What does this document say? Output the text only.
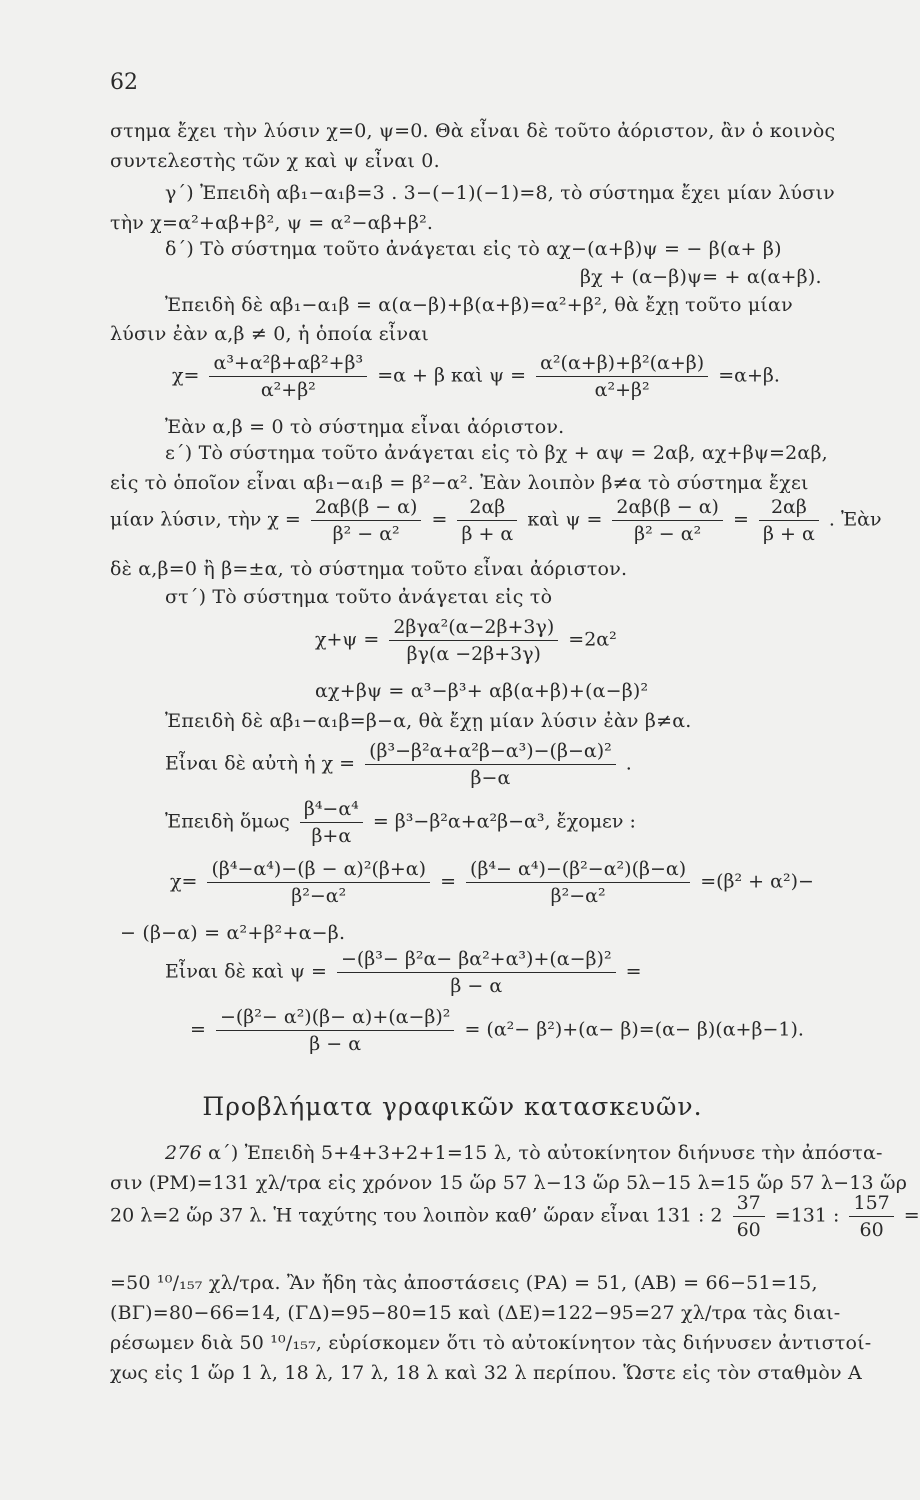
62
στημα ἔχει τὴν λύσιν χ=0, ψ=0. Θὰ εἶναι δὲ τοῦτο ἀόριστον, ἂν ὁ κοινὸς
συντελεστὴς τῶν χ καὶ ψ εἶναι 0.
γ΄) Ἐπειδὴ αβ₁−α₁β=3 . 3−(−1)(−1)=8, τὸ σύστημα ἔχει μίαν λύσιν
τὴν χ=α²+αβ+β², ψ = α²−αβ+β².
δ΄) Τὸ σύστημα τοῦτο ἀνάγεται εἰς τὸ αχ−(α+β)ψ = − β(α+ β)
βχ + (α−β)ψ= + α(α+β).
Ἐπειδὴ δὲ αβ₁−α₁β = α(α−β)+β(α+β)=α²+β², θὰ ἔχῃ τοῦτο μίαν
λύσιν ἐὰν α,β ≠ 0, ἡ ὁποία εἶναι
$\chi= \frac{\text{α³+α²β+αβ²+β³}}{\text{α²+β²}} =\alpha + \beta$ καὶ $\psi = \frac{\text{α²(α+β)+β²(α+β)}}{\text{α²+β²}} =\alpha+\beta$.
Ἐὰν α,β = 0 τὸ σύστημα εἶναι ἀόριστον.
ε΄) Τὸ σύστημα τοῦτο ἀνάγεται εἰς τὸ βχ + αψ = 2αβ, αχ+βψ=2αβ,
εἰς τὸ ὁποῖον εἶναι αβ₁−α₁β = β²−α². Ἐὰν λοιπὸν β≠α τὸ σύστημα ἔχει
μίαν λύσιν, τὴν $\chi = \frac{2\alpha\beta(\beta - \alpha)}{\text{β² − α²}} = \frac{2\alpha\beta}{\beta + \alpha}$ καὶ $\psi = \frac{2\alpha\beta(\beta - \alpha)}{\text{β² − α²}} = \frac{2\alpha\beta}{\beta + \alpha}$ . Ἐὰν
δὲ α,β=0 ἢ β=±α, τὸ σύστημα τοῦτο εἶναι ἀόριστον.
στ΄) Τὸ σύστημα τοῦτο ἀνάγεται εἰς τὸ
$\chi+\psi = \frac{\text{2βγα²(α−2β+3γ)}}{\beta\gamma(\alpha -2\beta+3\gamma)} =2\alpha^2$
αχ+βψ = α³−β³+ αβ(α+β)+(α−β)²
Ἐπειδὴ δὲ αβ₁−α₁β=β−α, θὰ ἔχῃ μίαν λύσιν ἐὰν β≠α.
Εἶναι δὲ αὐτὴ ἡ $\chi = \frac{\text{(β³−β²α+α²β−α³)−(β−α)²}}{\beta-\alpha}$ .
Ἐπειδὴ ὅμως $\frac{\text{β⁴−α⁴}}{\beta+\alpha} = \beta^3-\beta^2\alpha+\alpha^2\beta-\alpha^3$, ἔχομεν :
$\chi= \frac{\text{(β⁴−α⁴)−(β − α)²(β+α)}}{\text{β²−α²}} = \frac{\text{(β⁴− α⁴)−(β²−α²)(β−α)}}{\text{β²−α²}} =(\beta^2 + \alpha^2)-$
− (β−α) = α²+β²+α−β.
Εἶναι δὲ καὶ $\psi = \frac{\text{−(β³− β²α− βα²+α³)+(α−β)²}}{\beta - \alpha}$ =
= $\frac{\text{−(β²− α²)(β− α)+(α−β)²}}{\beta - \alpha} = (\alpha^2- \beta^2)+(\alpha- \beta)=(\alpha- \beta)(\alpha+\beta-1)$.
Προβλήματα γραφικῶν κατασκευῶν.
276 α΄) Ἐπειδὴ 5+4+3+2+1=15 λ, τὸ αὐτοκίνητον διήνυσε τὴν ἀπόστα-
σιν (ΡΜ)=131 χλ/τρα εἰς χρόνον 15 ὥρ 57 λ−13 ὥρ 5λ−15 λ=15 ὥρ 57 λ−13 ὥρ
20 λ=2 ὥρ 37 λ. Ἡ ταχύτης του λοιπὸν καθ’ ὥραν εἶναι 131 : $2 \frac{37}{60} =131$ : $\frac{157}{60}$ =
=50 ¹⁰/₁₅₇ χλ/τρα. Ἂν ἤδη τὰς ἀποστάσεις (ΡΑ) = 51, (ΑΒ) = 66−51=15,
(ΒΓ)=80−66=14, (ΓΔ)=95−80=15 καὶ (ΔΕ)=122−95=27 χλ/τρα τὰς διαι-
ρέσωμεν διὰ 50 ¹⁰/₁₅₇, εὑρίσκομεν ὅτι τὸ αὐτοκίνητον τὰς διήνυσεν ἀντιστοί-
χως εἰς 1 ὥρ 1 λ, 18 λ, 17 λ, 18 λ καὶ 32 λ περίπου. Ὥστε εἰς τὸν σταθμὸν Α
